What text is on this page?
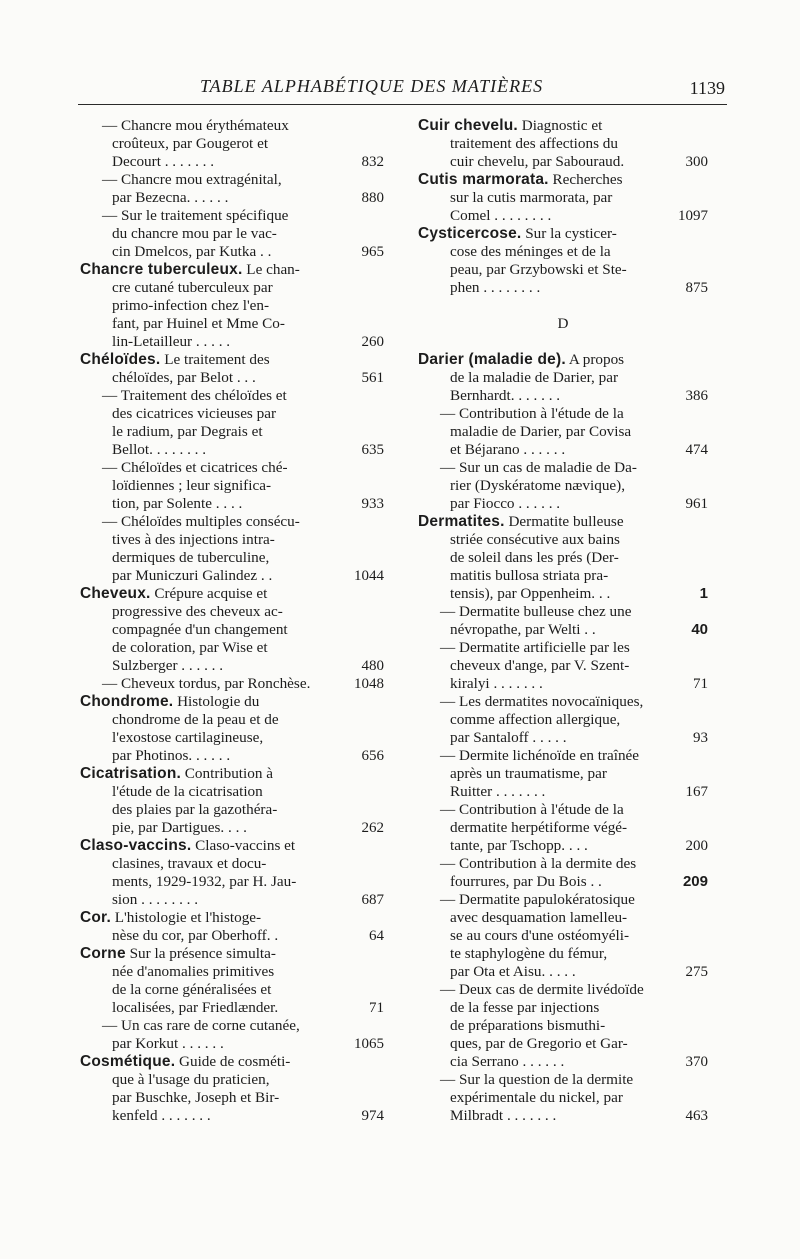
TABLE ALPHABÉTIQUE DES MATIÈRES	1139
— Chancre mou érythémateux
croûteux, par Gougerot et
Decourt . . . . . . .	832
— Chancre mou extragénital,
par Bezecna. . . . . .	880
— Sur le traitement spécifique
du chancre mou par le vac-
cin Dmelcos, par Kutka . .	965
Chancre tuberculeux. Le chan-
cre cutané tuberculeux par
primo-infection chez l'en-
fant, par Huinel et Mme Co-
lin-Letailleur . . . . .	260
Chéloïdes. Le traitement des
chéloïdes, par Belot . . .	561
— Traitement des chéloïdes et
des cicatrices vicieuses par
le radium, par Degrais et
Bellot. . . . . . . .	635
— Chéloïdes et cicatrices ché-
loïdiennes ; leur significa-
tion, par Solente . . . .	933
— Chéloïdes multiples consécu-
tives à des injections intra-
dermiques de tuberculine,
par Municzuri Galindez . .	1044
Cheveux. Crépure acquise et
progressive des cheveux ac-
compagnée d'un changement
de coloration, par Wise et
Sulzberger . . . . . .	480
— Cheveux tordus, par Ronchèse.	1048
Chondrome. Histologie du
chondrome de la peau et de
l'exostose cartilagineuse,
par Photinos. . . . . .	656
Cicatrisation. Contribution à
l'étude de la cicatrisation
des plaies par la gazothéra-
pie, par Dartigues. . . .	262
Claso-vaccins. Claso-vaccins et
clasines, travaux et docu-
ments, 1929-1932, par H. Jau-
sion . . . . . . . .	687
Cor. L'histologie et l'histoge-
nèse du cor, par Oberhoff. .	64
Corne Sur la présence simulta-
née d'anomalies primitives
de la corne généralisées et
localisées, par Friedlænder.	71
— Un cas rare de corne cutanée,
par Korkut . . . . . .	1065
Cosmétique. Guide de cosméti-
que à l'usage du praticien,
par Buschke, Joseph et Bir-
kenfeld . . . . . . .	974
Cuir chevelu. Diagnostic et
traitement des affections du
cuir chevelu, par Sabouraud.	300
Cutis marmorata. Recherches
sur la cutis marmorata, par
Comel . . . . . . . .	1097
Cysticercose. Sur la cysticer-
cose des méninges et de la
peau, par Grzybowski et Ste-
phen . . . . . . . .	875
D
Darier (maladie de). A propos
de la maladie de Darier, par
Bernhardt. . . . . . .	386
— Contribution à l'étude de la
maladie de Darier, par Covisa
et Béjarano . . . . . .	474
— Sur un cas de maladie de Da-
rier (Dyskératome nævique),
par Fiocco . . . . . .	961
Dermatites. Dermatite bulleuse
striée consécutive aux bains
de soleil dans les prés (Der-
matitis bullosa striata pra-
tensis), par Oppenheim. . .	1
— Dermatite bulleuse chez une
névropathe, par Welti . .	40
— Dermatite artificielle par les
cheveux d'ange, par V. Szent-
kiralyi . . . . . . .	71
— Les dermatites novocaïniques,
comme affection allergique,
par Santaloff . . . . .	93
— Dermite lichénoïde en traînée
après un traumatisme, par
Ruitter . . . . . . .	167
— Contribution à l'étude de la
dermatite herpétiforme végé-
tante, par Tschopp. . . .	200
— Contribution à la dermite des
fourrures, par Du Bois . .	209
— Dermatite papulokératosique
avec desquamation lamelleu-
se au cours d'une ostéomyéli-
te staphylogène du fémur,
par Ota et Aisu. . . . .	275
— Deux cas de dermite livédoïde
de la fesse par injections
de préparations bismuthi-
ques, par de Gregorio et Gar-
cia Serrano . . . . . .	370
— Sur la question de la dermite
expérimentale du nickel, par
Milbradt . . . . . . .	463
